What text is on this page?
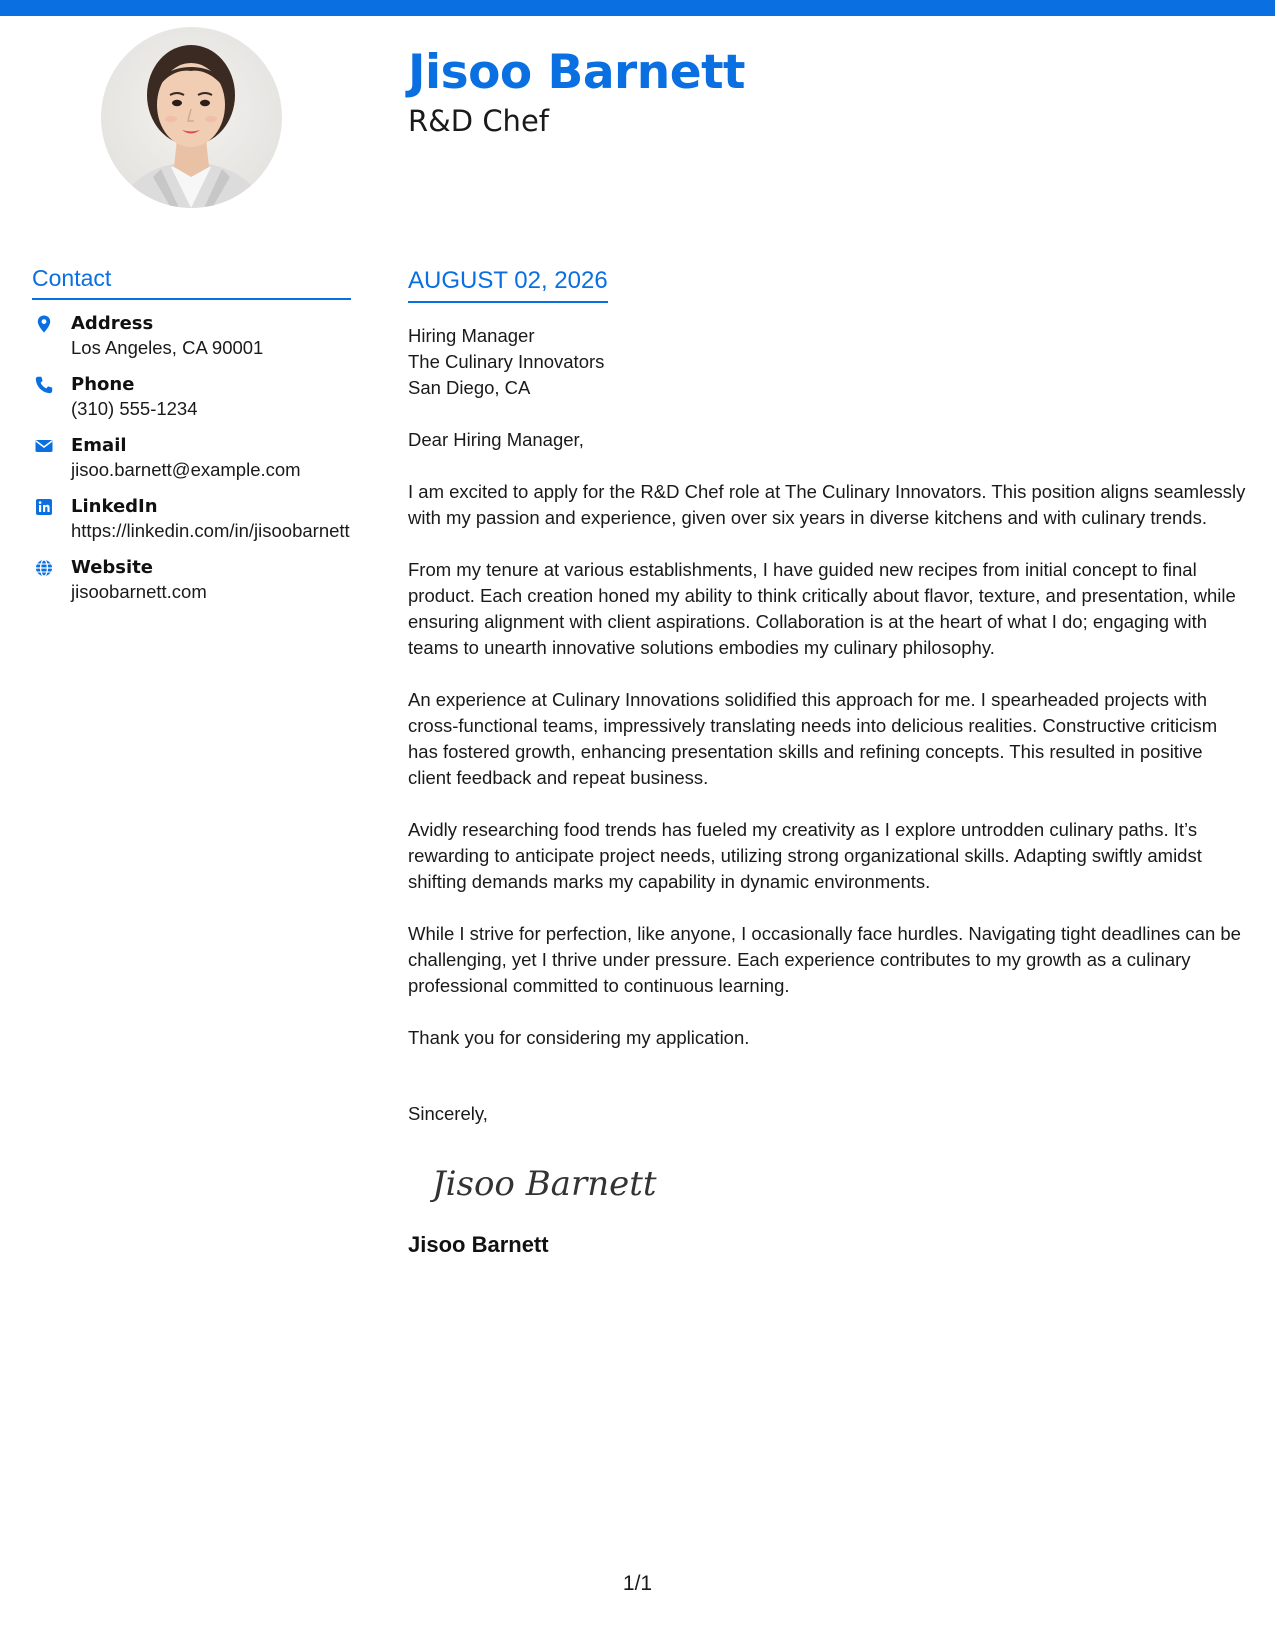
Jisoo Barnett
R&D Chef
Contact
Address
Los Angeles, CA 90001
Phone
(310) 555-1234
Email
jisoo.barnett@example.com
LinkedIn
https://linkedin.com/in/jisoobarnett
Website
jisoobarnett.com
AUGUST 02, 2026
Hiring Manager
The Culinary Innovators
San Diego, CA
Dear Hiring Manager,

I am excited to apply for the R&D Chef role at The Culinary Innovators. This position aligns seamlessly with my passion and experience, given over six years in diverse kitchens and with culinary trends.

From my tenure at various establishments, I have guided new recipes from initial concept to final product. Each creation honed my ability to think critically about flavor, texture, and presentation, while ensuring alignment with client aspirations. Collaboration is at the heart of what I do; engaging with teams to unearth innovative solutions embodies my culinary philosophy.

An experience at Culinary Innovations solidified this approach for me. I spearheaded projects with cross-functional teams, impressively translating needs into delicious realities. Constructive criticism has fostered growth, enhancing presentation skills and refining concepts. This resulted in positive client feedback and repeat business.

Avidly researching food trends has fueled my creativity as I explore untrodden culinary paths. It’s rewarding to anticipate project needs, utilizing strong organizational skills. Adapting swiftly amidst shifting demands marks my capability in dynamic environments.

While I strive for perfection, like anyone, I occasionally face hurdles. Navigating tight deadlines can be challenging, yet I thrive under pressure. Each experience contributes to my growth as a culinary professional committed to continuous learning.

Thank you for considering my application.
Sincerely,
Jisoo Barnett
Jisoo Barnett
1/1
